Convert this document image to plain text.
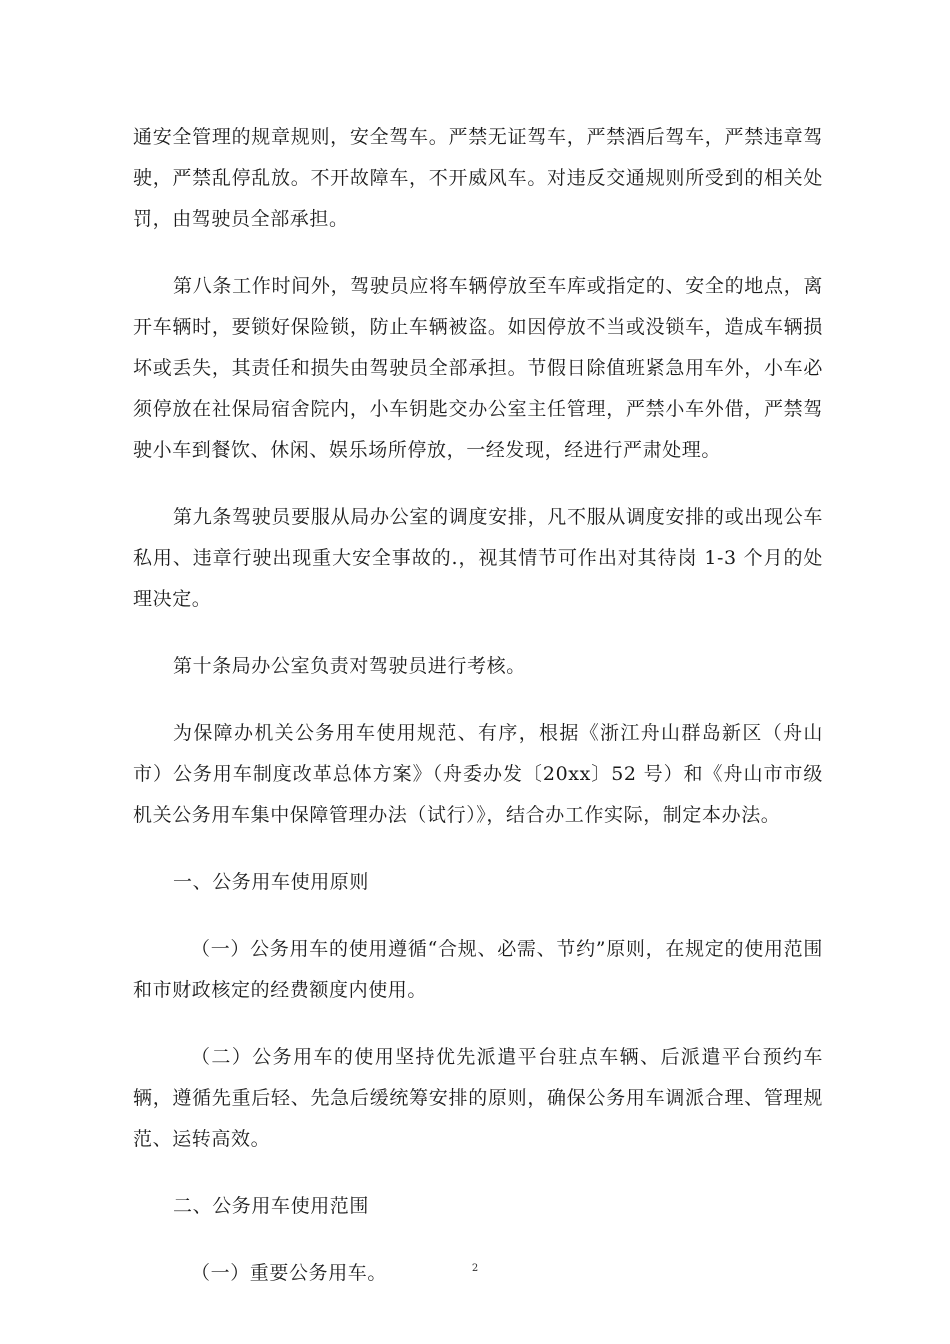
通安全管理的规章规则，安全驾车。严禁无证驾车，严禁酒后驾车，严禁违章驾驶，严禁乱停乱放。不开故障车，不开威风车。对违反交通规则所受到的相关处罚，由驾驶员全部承担。

第八条工作时间外，驾驶员应将车辆停放至车库或指定的、安全的地点，离开车辆时，要锁好保险锁，防止车辆被盗。如因停放不当或没锁车，造成车辆损坏或丢失，其责任和损失由驾驶员全部承担。节假日除值班紧急用车外，小车必须停放在社保局宿舍院内，小车钥匙交办公室主任管理，严禁小车外借，严禁驾驶小车到餐饮、休闲、娱乐场所停放，一经发现，经进行严肃处理。

第九条驾驶员要服从局办公室的调度安排，凡不服从调度安排的或出现公车私用、违章行驶出现重大安全事故的.，视其情节可作出对其待岗 1-3 个月的处理决定。

第十条局办公室负责对驾驶员进行考核。

为保障办机关公务用车使用规范、有序，根据《浙江舟山群岛新区（舟山市）公务用车制度改革总体方案》（舟委办发〔20xx〕52 号）和《舟山市市级机关公务用车集中保障管理办法（试行）》，结合办工作实际，制定本办法。

一、公务用车使用原则

（一）公务用车的使用遵循“合规、必需、节约”原则，在规定的使用范围和市财政核定的经费额度内使用。

（二）公务用车的使用坚持优先派遣平台驻点车辆、后派遣平台预约车辆，遵循先重后轻、先急后缓统筹安排的原则，确保公务用车调派合理、管理规范、运转高效。

二、公务用车使用范围

（一）重要公务用车。	2
